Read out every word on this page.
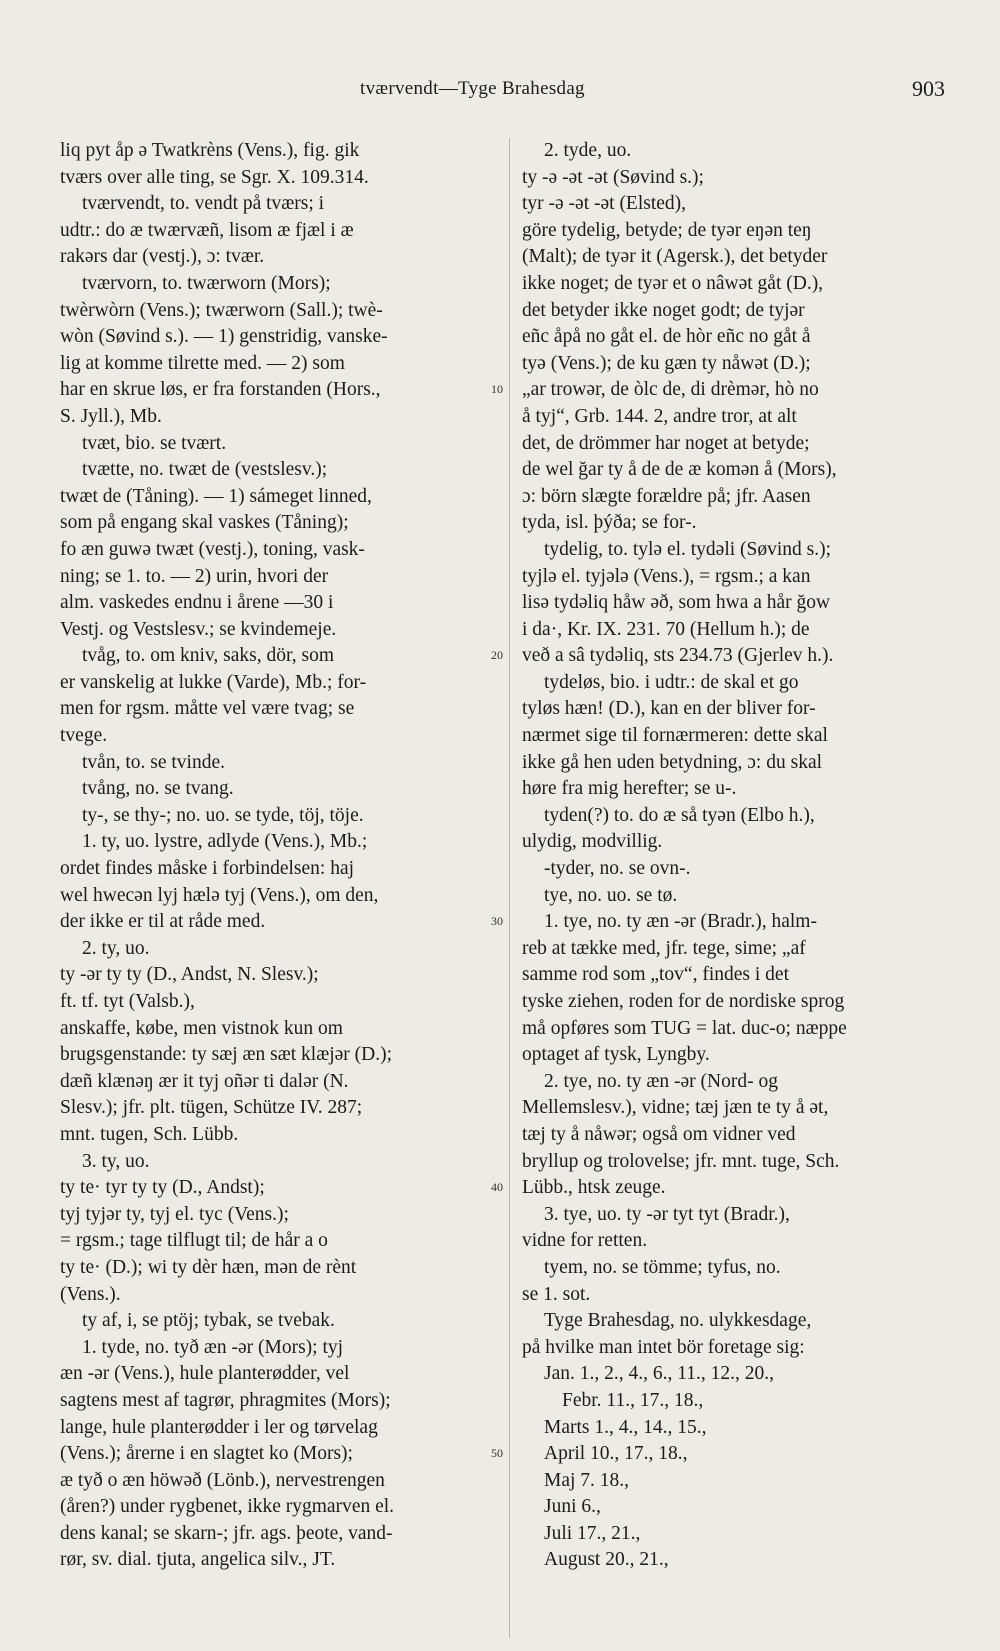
tværvendt—Tyge Brahesdag	903
10
20
30
40
50
liq pyt åp ə Twatkrèns (Vens.), fig. gik
tværs over alle ting, se Sgr. X. 109.314.
tværvendt, to. vendt på tværs; i
udtr.: do æ twærvæñ, lisom æ fjæl i æ
rakərs dar (vestj.), ɔ: tvær.
tværvorn, to. twærworn (Mors);
twèrwòrn (Vens.); twærworn (Sall.); twè-
wòn (Søvind s.). — 1) genstridig, vanske-
lig at komme tilrette med. — 2) som
har en skrue løs, er fra forstanden (Hors.,
S. Jyll.), Mb.
tvæt, bio. se tvært.
tvætte, no. twæt de (vestslesv.);
twæt de (Tåning). — 1) sámeget linned,
som på engang skal vaskes (Tåning);
fo æn guwə twæt (vestj.), toning, vask-
ning; se 1. to. — 2) urin, hvori der
alm. vaskedes endnu i årene —30 i
Vestj. og Vestslesv.; se kvindemeje.
tvåg, to. om kniv, saks, dör, som
er vanskelig at lukke (Varde), Mb.; for-
men for rgsm. måtte vel være tvag; se
tvege.
tvån, to. se tvinde.
tvång, no. se tvang.
ty-, se thy-; no. uo. se tyde, töj, töje.
1. ty, uo. lystre, adlyde (Vens.), Mb.;
ordet findes måske i forbindelsen: haj
wel hwecən lyj hælə tyj (Vens.), om den,
der ikke er til at råde med.
2. ty, uo.
ty -ər ty ty (D., Andst, N. Slesv.);
ft. tf. tyt (Valsb.),
anskaffe, købe, men vistnok kun om
brugsgenstande: ty sæj æn sæt klæjər (D.);
dæñ klænəŋ ær it tyj oñər ti dalər (N.
Slesv.); jfr. plt. tügen, Schütze IV. 287;
mnt. tugen, Sch. Lübb.
3. ty, uo.
ty te· tyr ty ty (D., Andst);
tyj tyjər ty, tyj el. tyc (Vens.);
= rgsm.; tage tilflugt til; de hår a o
ty te· (D.); wi ty dèr hæn, mən de rènt
(Vens.).
ty af, i, se ptöj; tybak, se tvebak.
1. tyde, no. tyð æn -ər (Mors); tyj
æn -ər (Vens.), hule planterødder, vel
sagtens mest af tagrør, phragmites (Mors);
lange, hule planterødder i ler og tørvelag
(Vens.); årerne i en slagtet ko (Mors);
æ tyð o æn höwəð (Lönb.), nervestrengen
(åren?) under rygbenet, ikke rygmarven el.
dens kanal; se skarn-; jfr. ags. þeote, vand-
rør, sv. dial. tjuta, angelica silv., JT.
2. tyde, uo.
ty -ə -ət -ət (Søvind s.);
tyr -ə -ət -ət (Elsted),
göre tydelig, betyde; de tyər eŋən teŋ
(Malt); de tyər it (Agersk.), det betyder
ikke noget; de tyər et o nâwət gåt (D.),
det betyder ikke noget godt; de tyjər
eñc åpå no gåt el. de hòr eñc no gåt å
tyə (Vens.); de ku gæn ty nåwət (D.);
„ar trowər, de òlc de, di drèmər, hò no
å tyj“, Grb. 144. 2, andre tror, at alt
det, de drömmer har noget at betyde;
de wel ğar ty å de de æ komən å (Mors),
ɔ: börn slægte forældre på; jfr. Aasen
tyda, isl. þýða; se for-.
tydelig, to. tylə el. tydəli (Søvind s.);
tyjlə el. tyjələ (Vens.), = rgsm.; a kan
lisə tydəliq håw əð, som hwa a hår ğow
i da·, Kr. IX. 231. 70 (Hellum h.); de
veð a sâ tydəliq, sts 234.73 (Gjerlev h.).
tydeløs, bio. i udtr.: de skal et go
tyløs hæn! (D.), kan en der bliver for-
nærmet sige til fornærmeren: dette skal
ikke gå hen uden betydning, ɔ: du skal
høre fra mig herefter; se u-.
tyden(?) to. do æ så tyən (Elbo h.),
ulydig, modvillig.
-tyder, no. se ovn-.
tye, no. uo. se tø.
1. tye, no. ty æn -ər (Bradr.), halm-
reb at tække med, jfr. tege, sime; „af
samme rod som „tov“, findes i det
tyske ziehen, roden for de nordiske sprog
må opføres som TUG = lat. duc-o; næppe
optaget af tysk, Lyngby.
2. tye, no. ty æn -ər (Nord- og
Mellemslesv.), vidne; tæj jæn te ty å ət,
tæj ty å nåwər; også om vidner ved
bryllup og trolovelse; jfr. mnt. tuge, Sch.
Lübb., htsk zeuge.
3. tye, uo. ty -ər tyt tyt (Bradr.),
vidne for retten.
tyem, no. se tömme; tyfus, no.
se 1. sot.
Tyge Brahesdag, no. ulykkesdage,
på hvilke man intet bör foretage sig:
Jan. 1., 2., 4., 6., 11., 12., 20.,
Febr. 11., 17., 18.,
Marts 1., 4., 14., 15.,
April 10., 17., 18.,
Maj 7. 18.,
Juni 6.,
Juli 17., 21.,
August 20., 21.,
